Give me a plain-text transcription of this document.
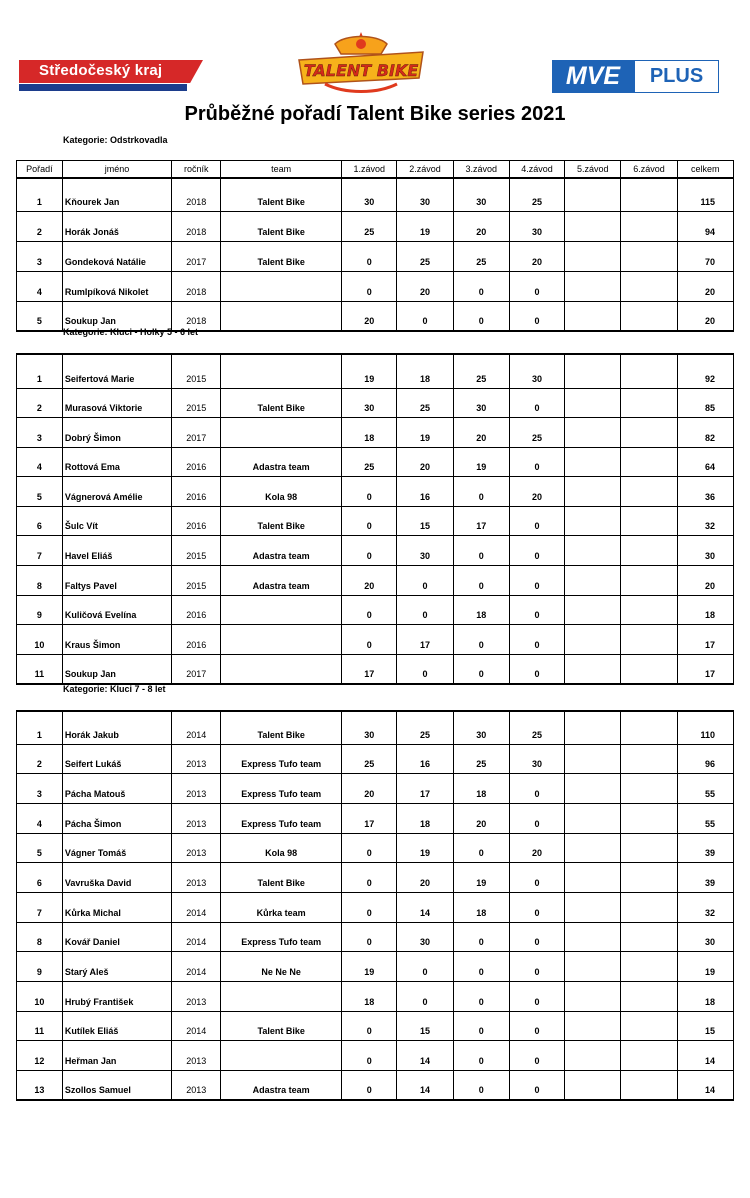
Středočeský kraj	TALENT BIKE	MVE	PLUS
Průběžné pořadí Talent Bike series 2021
Kategorie: Odstrkovadla
Pořadí	jméno	ročník	team	1.závod	2.závod	3.závod	4.závod	5.závod	6.závod	celkem
1	Kňourek Jan	2018	Talent Bike	30	30	30	25			115
2	Horák Jonáš	2018	Talent Bike	25	19	20	30			94
3	Gondeková Natálie	2017	Talent Bike	0	25	25	20			70
4	Rumlpíková Nikolet	2018		0	20	0	0			20
5	Soukup Jan	2018		20	0	0	0			20
Kategorie: Kluci - Holky 5 - 6 let
1	Seifertová Marie	2015		19	18	25	30			92
2	Murasová Viktorie	2015	Talent Bike	30	25	30	0			85
3	Dobrý Šimon	2017		18	19	20	25			82
4	Rottová Ema	2016	Adastra team	25	20	19	0			64
5	Vágnerová Amélie	2016	Kola 98	0	16	0	20			36
6	Šulc Vít	2016	Talent Bike	0	15	17	0			32
7	Havel Eliáš	2015	Adastra team	0	30	0	0			30
8	Faltys Pavel	2015	Adastra team	20	0	0	0			20
9	Kuličová Evelína	2016		0	0	18	0			18
10	Kraus Šimon	2016		0	17	0	0			17
11	Soukup Jan	2017		17	0	0	0			17
Kategorie: Kluci 7 - 8 let
1	Horák Jakub	2014	Talent Bike	30	25	30	25			110
2	Seifert Lukáš	2013	Express Tufo team	25	16	25	30			96
3	Pácha Matouš	2013	Express Tufo team	20	17	18	0			55
4	Pácha Šimon	2013	Express Tufo team	17	18	20	0			55
5	Vágner Tomáš	2013	Kola 98	0	19	0	20			39
6	Vavruška David	2013	Talent Bike	0	20	19	0			39
7	Kůrka Michal	2014	Kůrka team	0	14	18	0			32
8	Kovář Daniel	2014	Express Tufo team	0	30	0	0			30
9	Starý Aleš	2014	Ne Ne Ne	19	0	0	0			19
10	Hrubý František	2013		18	0	0	0			18
11	Kutílek Eliáš	2014	Talent Bike	0	15	0	0			15
12	Heřman Jan	2013		0	14	0	0			14
13	Szollos Samuel	2013	Adastra team	0	14	0	0			14
